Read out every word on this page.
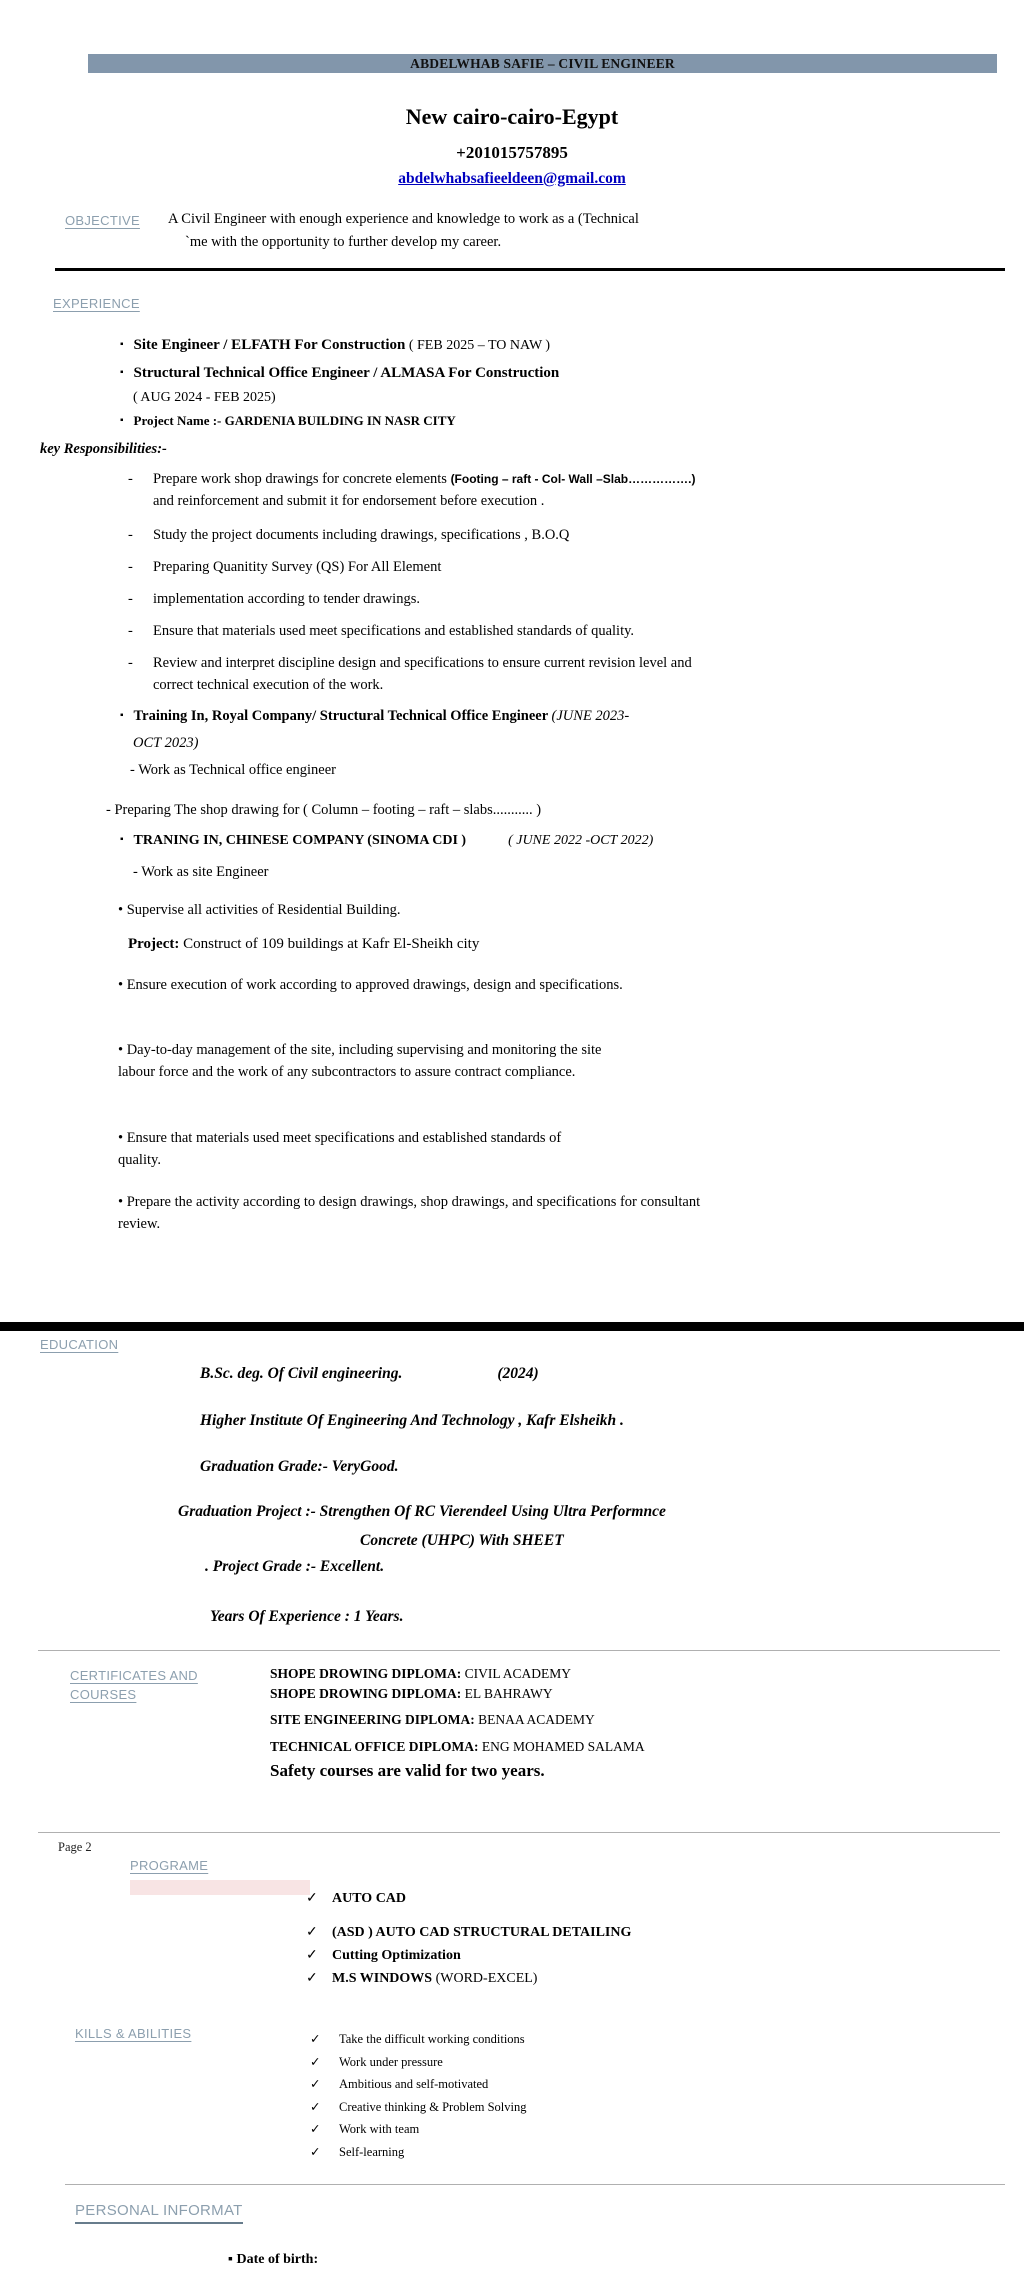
ABDELWHAB SAFIE – CIVIL ENGINEER
New cairo-cairo-Egypt
+201015757895
abdelwhabsafieeldeen@gmail.com
OBJECTIVE A Civil Engineer with enough experience and knowledge to work as a (Technical
`me with the opportunity to further develop my career.
EXPERIENCE
▪ Site Engineer / ELFATH For Construction ( FEB 2025 – TO NAW )
▪ Structural Technical Office Engineer / ALMASA For Construction
( AUG 2024 - FEB 2025)
▪ Project Name :- GARDENIA BUILDING IN NASR CITY
key Responsibilities:-
-	Prepare work shop drawings for concrete elements (Footing – raft - Col- Wall –Slab…………….) and reinforcement and submit it for endorsement before execution .
-	Study the project documents including drawings, specifications , B.O.Q
-	Preparing Quanitity Survey (QS) For All Element
-	implementation according to tender drawings.
-	Ensure that materials used meet specifications and established standards of quality.
-	Review and interpret discipline design and specifications to ensure current revision level and correct technical execution of the work.
▪ Training In, Royal Company/ Structural Technical Office Engineer (JUNE 2023-
OCT 2023)
- Work as Technical office engineer
- Preparing The shop drawing for ( Column – footing – raft – slabs........... )
▪ TRANING IN, CHINESE COMPANY (SINOMA CDI )	( JUNE 2022 -OCT 2022)
- Work as site Engineer
• Supervise all activities of Residential Building.
Project: Construct of 109 buildings at Kafr El-Sheikh city
• Ensure execution of work according to approved drawings, design and specifications.
• Day-to-day management of the site, including supervising and monitoring the site labour force and the work of any subcontractors to assure contract compliance.
• Ensure that materials used meet specifications and established standards of quality.
• Prepare the activity according to design drawings, shop drawings, and specifications for consultant review.
EDUCATION
B.Sc. deg. Of Civil engineering.	(2024)
Higher Institute Of Engineering And Technology , Kafr Elsheikh .
Graduation Grade:- VeryGood.
Graduation Project :- Strengthen Of RC Vierendeel Using Ultra Performnce
Concrete (UHPC) With SHEET
. Project Grade :- Excellent.
Years Of Experience : 1 Years.
CERTIFICATES AND
COURSES
SHOPE DROWING DIPLOMA: CIVIL ACADEMY
SHOPE DROWING DIPLOMA: EL BAHRAWY
SITE ENGINEERING DIPLOMA: BENAA ACADEMY
TECHNICAL OFFICE DIPLOMA: ENG MOHAMED SALAMA
Safety courses are valid for two years.
Page 2
PROGRAME
✓	AUTO CAD
✓	(ASD ) AUTO CAD STRUCTURAL DETAILING
✓	Cutting Optimization
✓	M.S WINDOWS (WORD-EXCEL)
KILLS & ABILITIES	✓	Take the difficult working conditions
✓	Work under pressure
✓	Ambitious and self-motivated
✓	Creative thinking & Problem Solving
✓	Work with team
✓	Self-learning
PERSONAL INFORMAT
▪ Date of birth:
